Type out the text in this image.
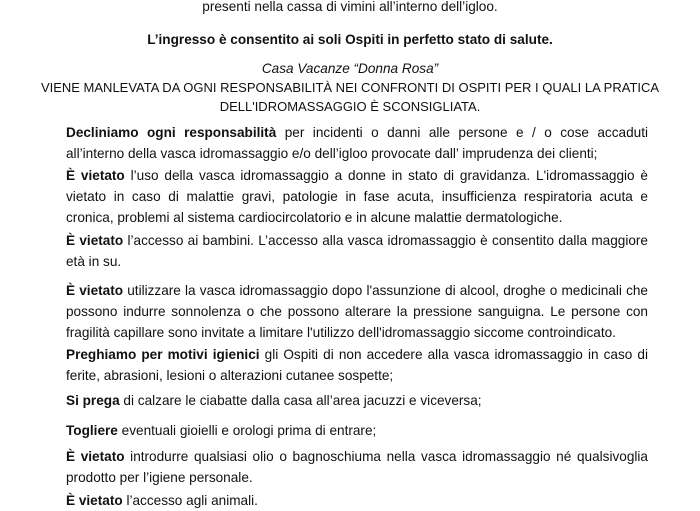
presenti nella cassa di vimini all’interno dell’igloo.
L’ingresso è consentito ai soli Ospiti in perfetto stato di salute.
Casa Vacanze “Donna Rosa”
VIENE MANLEVATA DA OGNI RESPONSABILITÀ NEI CONFRONTI DI OSPITI PER I QUALI LA PRATICA
DELL'IDROMASSAGGIO È SCONSIGLIATA.
Decliniamo ogni responsabilità per incidenti o danni alle persone e / o cose accaduti all’interno della vasca idromassaggio e/o dell’igloo provocate dall’ imprudenza dei clienti;
È vietato l’uso della vasca idromassaggio a donne in stato di gravidanza. L'idromassaggio è vietato in caso di malattie gravi, patologie in fase acuta, insufficienza respiratoria acuta e cronica, problemi al sistema cardiocircolatorio e in alcune malattie dermatologiche.
È vietato l’accesso ai bambini. L’accesso alla vasca idromassaggio è consentito dalla maggiore età in su.
È vietato utilizzare la vasca idromassaggio dopo l'assunzione di alcool, droghe o medicinali che possono indurre sonnolenza o che possono alterare la pressione sanguigna. Le persone con fragilità capillare sono invitate a limitare l'utilizzo dell'idromassaggio siccome controindicato.
Preghiamo per motivi igienici gli Ospiti di non accedere alla vasca idromassaggio in caso di ferite, abrasioni, lesioni o alterazioni cutanee sospette;
Si prega di calzare le ciabatte dalla casa all’area jacuzzi e viceversa;
Togliere eventuali gioielli e orologi prima di entrare;
È vietato introdurre qualsiasi olio o bagnoschiuma nella vasca idromassaggio né qualsivoglia prodotto per l’igiene personale.
È vietato l’accesso agli animali.
